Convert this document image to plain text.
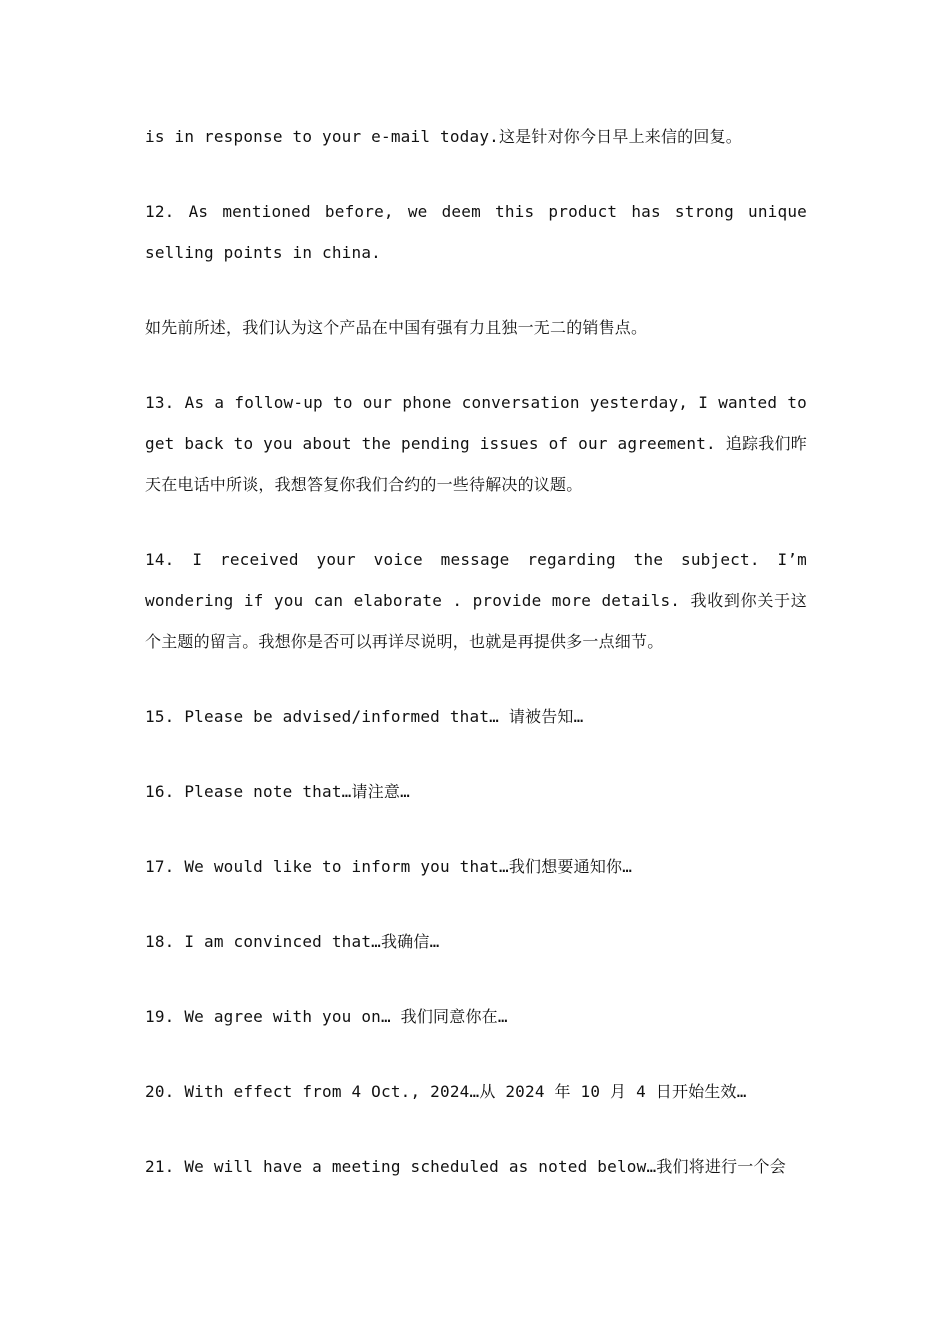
is in response to your e-mail today.这是针对你今日早上来信的回复。
12. As mentioned before, we deem this product has strong unique
selling points in china.
如先前所述，我们认为这个产品在中国有强有力且独一无二的销售点。
13. As a follow-up to our phone conversation yesterday, I wanted to
get back to you about the pending issues of our agreement. 追踪我们昨
天在电话中所谈，我想答复你我们合约的一些待解决的议题。
14. I received your voice message regarding the subject. I’m
wondering if you can elaborate . provide more details. 我收到你关于这
个主题的留言。我想你是否可以再详尽说明，也就是再提供多一点细节。
15. Please be advised/informed that… 请被告知…
16. Please note that…请注意…
17. We would like to inform you that…我们想要通知你…
18. I am convinced that…我确信…
19. We agree with you on… 我们同意你在…
20. With effect from 4 Oct., 2024…从 2024 年 10 月 4 日开始生效…
21. We will have a meeting scheduled as noted below…我们将进行一个会
